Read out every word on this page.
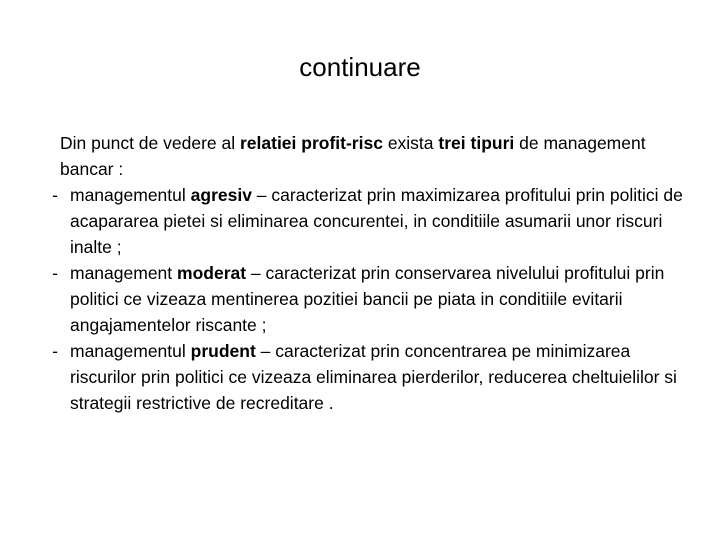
continuare

Din punct de vedere al relatiei profit-risc exista trei tipuri de management bancar :

- managementul agresiv – caracterizat prin maximizarea profitului prin politici de acapararea pietei si eliminarea concurentei, in conditiile asumarii unor riscuri inalte ;
- management moderat – caracterizat prin conservarea nivelului profitului prin politici ce vizeaza mentinerea pozitiei bancii pe piata in conditiile evitarii angajamentelor riscante ;
- managementul prudent – caracterizat prin concentrarea pe minimizarea riscurilor prin politici ce vizeaza eliminarea pierderilor, reducerea cheltuielilor si strategii restrictive de recreditare .
